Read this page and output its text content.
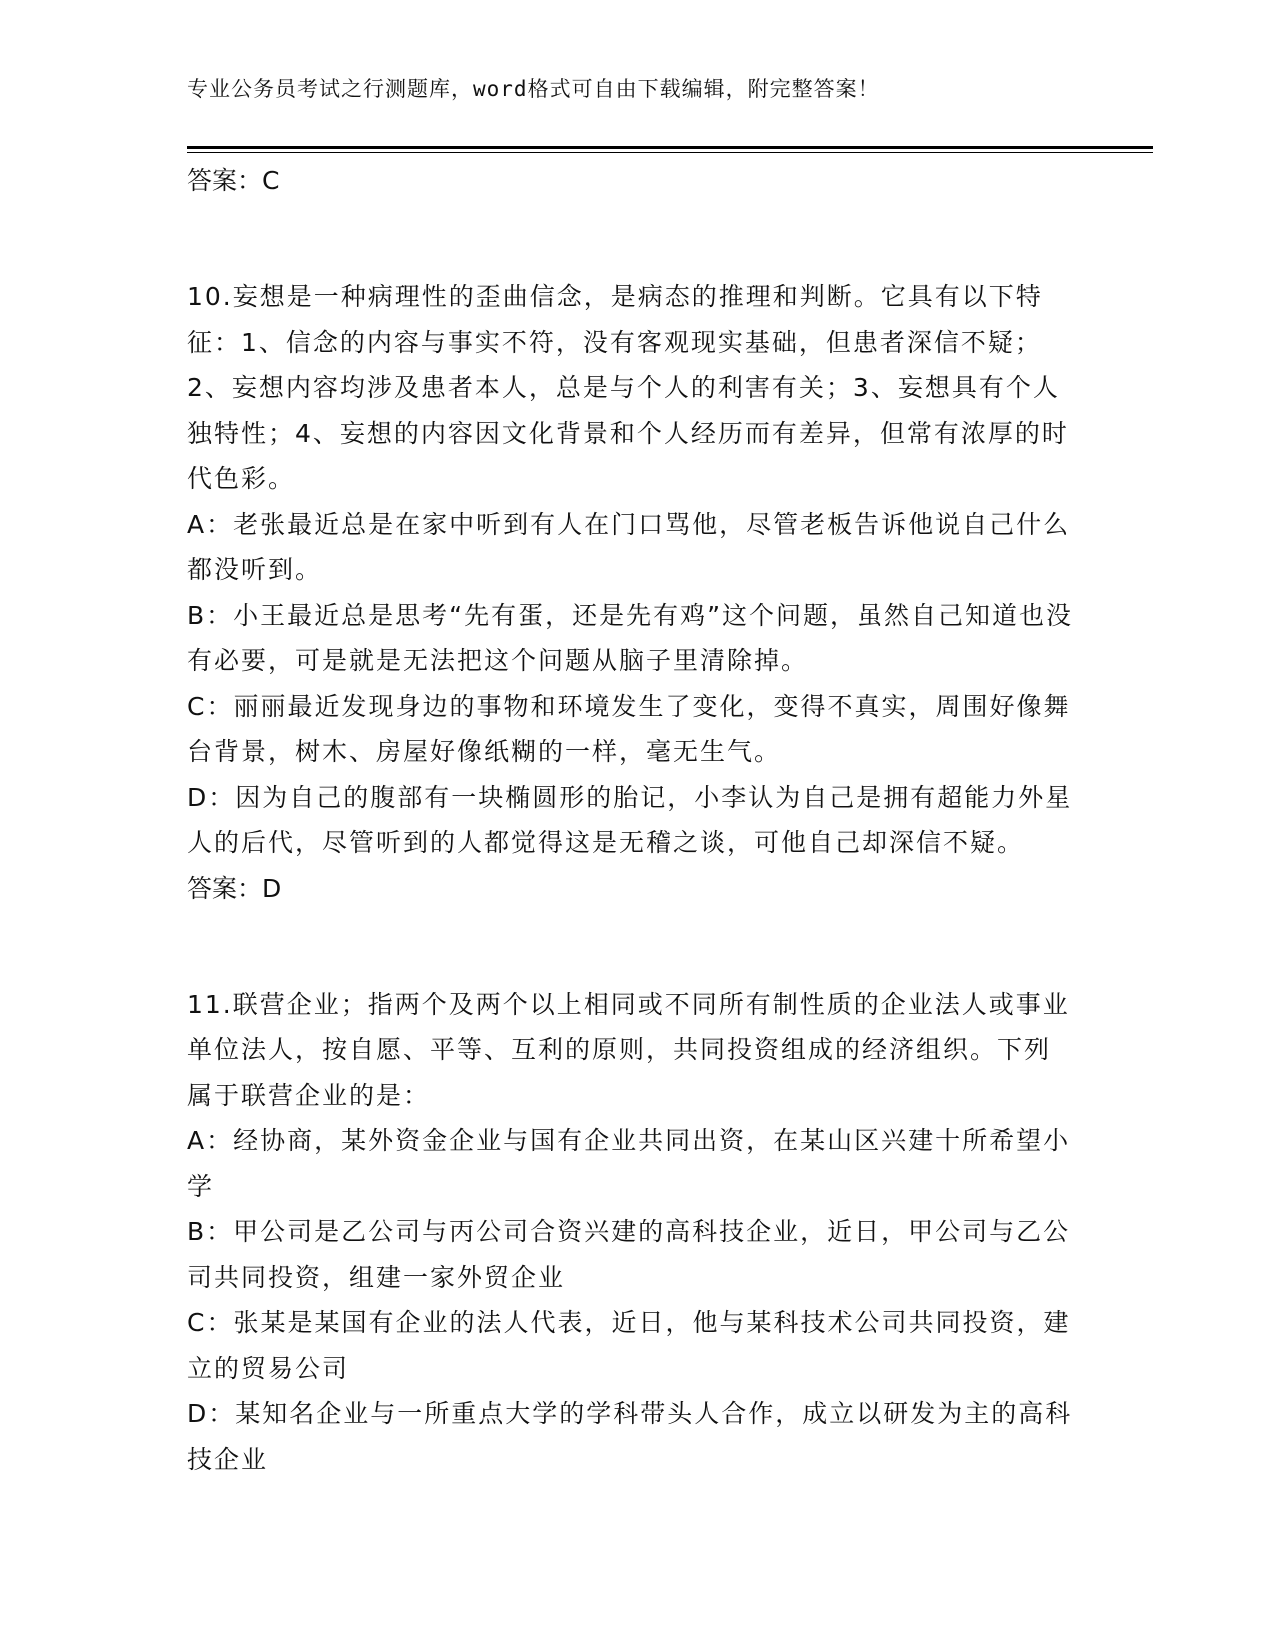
专业公务员考试之行测题库，word格式可自由下载编辑，附完整答案！
答案：C
10.妄想是一种病理性的歪曲信念，是病态的推理和判断。它具有以下特征：1、信念的内容与事实不符，没有客观现实基础，但患者深信不疑；2、妄想内容均涉及患者本人，总是与个人的利害有关；3、妄想具有个人独特性；4、妄想的内容因文化背景和个人经历而有差异，但常有浓厚的时代色彩。
A：老张最近总是在家中听到有人在门口骂他，尽管老板告诉他说自己什么都没听到。
B：小王最近总是思考“先有蛋，还是先有鸡”这个问题，虽然自己知道也没有必要，可是就是无法把这个问题从脑子里清除掉。
C：丽丽最近发现身边的事物和环境发生了变化，变得不真实，周围好像舞台背景，树木、房屋好像纸糊的一样，毫无生气。
D：因为自己的腹部有一块椭圆形的胎记，小李认为自己是拥有超能力外星人的后代，尽管听到的人都觉得这是无稽之谈，可他自己却深信不疑。
答案：D
11.联营企业；指两个及两个以上相同或不同所有制性质的企业法人或事业单位法人，按自愿、平等、互利的原则，共同投资组成的经济组织。下列属于联营企业的是：
A：经协商，某外资金企业与国有企业共同出资，在某山区兴建十所希望小学
B：甲公司是乙公司与丙公司合资兴建的高科技企业，近日，甲公司与乙公司共同投资，组建一家外贸企业
C：张某是某国有企业的法人代表，近日，他与某科技术公司共同投资，建立的贸易公司
D：某知名企业与一所重点大学的学科带头人合作，成立以研发为主的高科技企业
